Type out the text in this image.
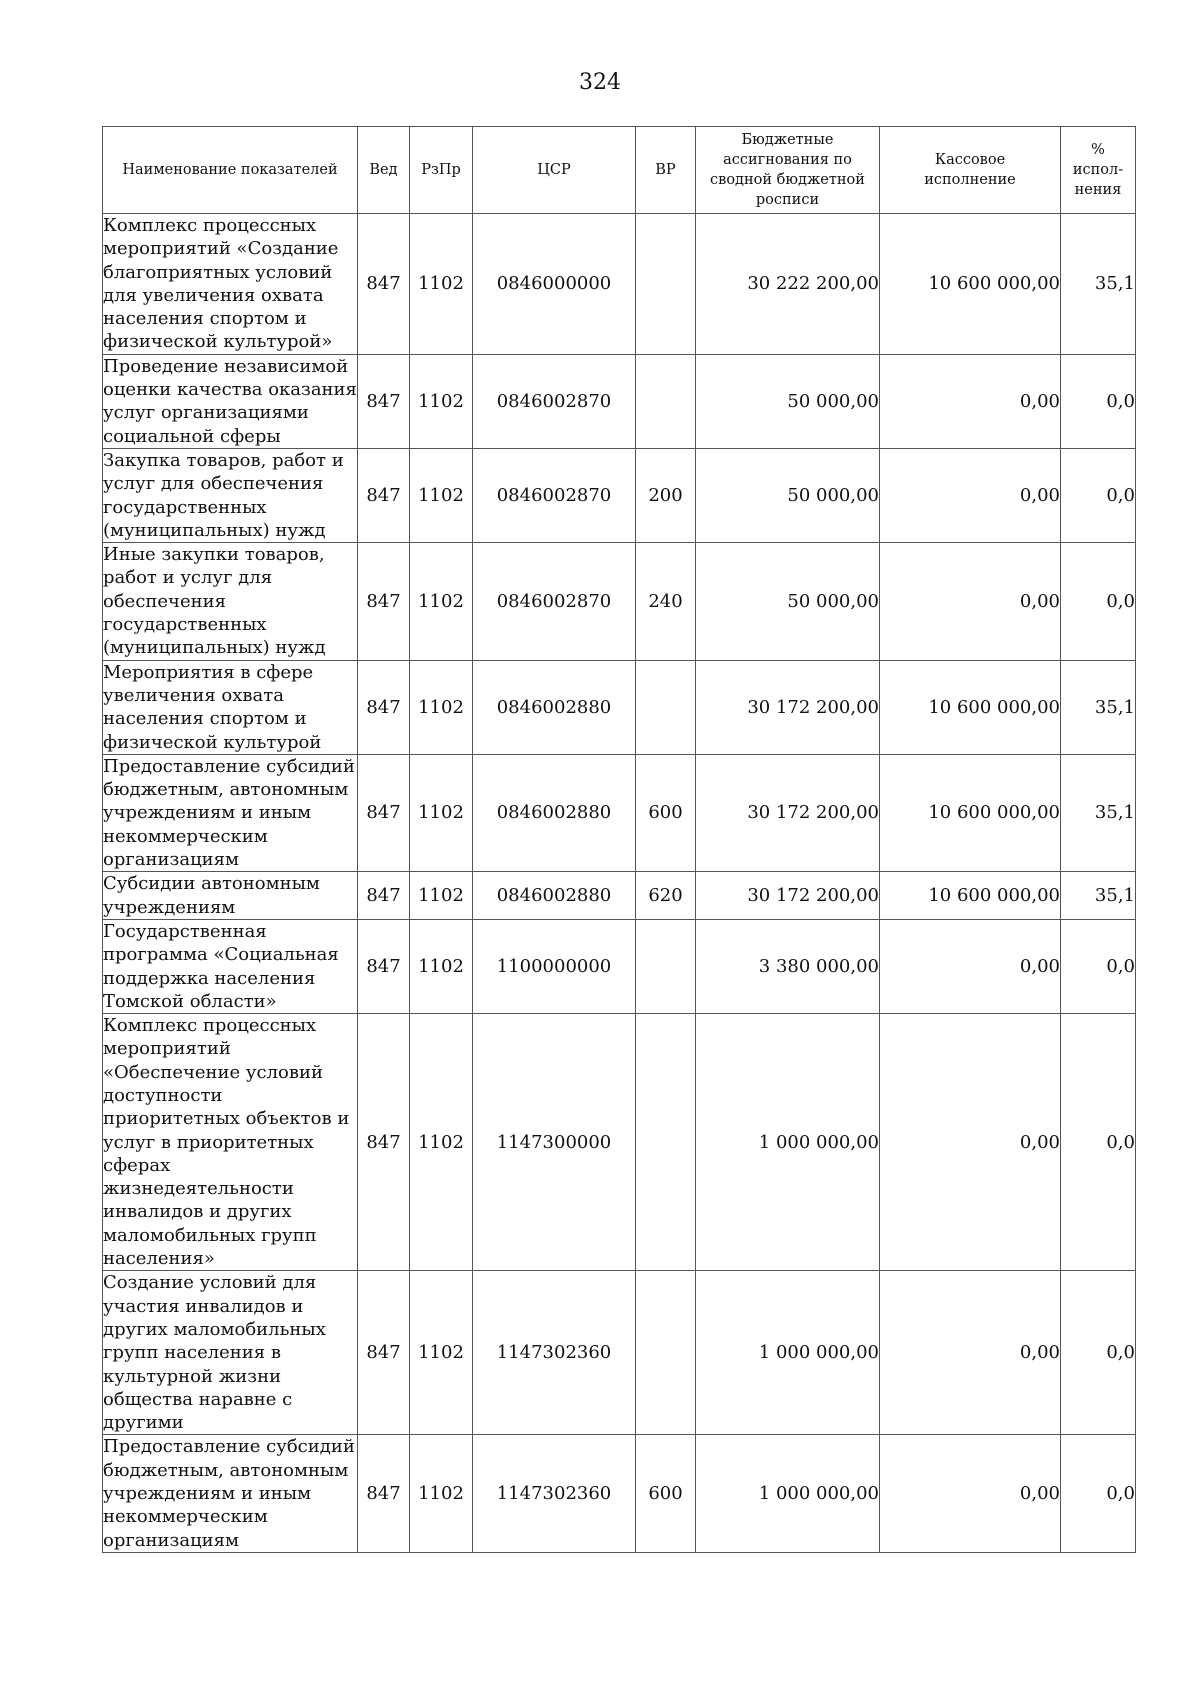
324
Наименование показателей	Вед	РзПр	ЦСР	ВР	Бюджетные ассигнования по сводной бюджетной росписи	Кассовое исполнение	% испол-нения
Комплекс процессных мероприятий «Создание благоприятных условий для увеличения охвата населения спортом и физической культурой»	847	1102	0846000000		30 222 200,00	10 600 000,00	35,1
Проведение независимой оценки качества оказания услуг организациями социальной сферы	847	1102	0846002870		50 000,00	0,00	0,0
Закупка товаров, работ и услуг для обеспечения государственных (муниципальных) нужд	847	1102	0846002870	200	50 000,00	0,00	0,0
Иные закупки товаров, работ и услуг для обеспечения государственных (муниципальных) нужд	847	1102	0846002870	240	50 000,00	0,00	0,0
Мероприятия в сфере увеличения охвата населения спортом и физической культурой	847	1102	0846002880		30 172 200,00	10 600 000,00	35,1
Предоставление субсидий бюджетным, автономным учреждениям и иным некоммерческим организациям	847	1102	0846002880	600	30 172 200,00	10 600 000,00	35,1
Субсидии автономным учреждениям	847	1102	0846002880	620	30 172 200,00	10 600 000,00	35,1
Государственная программа «Социальная поддержка населения Томской области»	847	1102	1100000000		3 380 000,00	0,00	0,0
Комплекс процессных мероприятий «Обеспечение условий доступности приоритетных объектов и услуг в приоритетных сферах жизнедеятельности инвалидов и других маломобильных групп населения»	847	1102	1147300000		1 000 000,00	0,00	0,0
Создание условий для участия инвалидов и других маломобильных групп населения в культурной жизни общества наравне с другими	847	1102	1147302360		1 000 000,00	0,00	0,0
Предоставление субсидий бюджетным, автономным учреждениям и иным некоммерческим организациям	847	1102	1147302360	600	1 000 000,00	0,00	0,0
